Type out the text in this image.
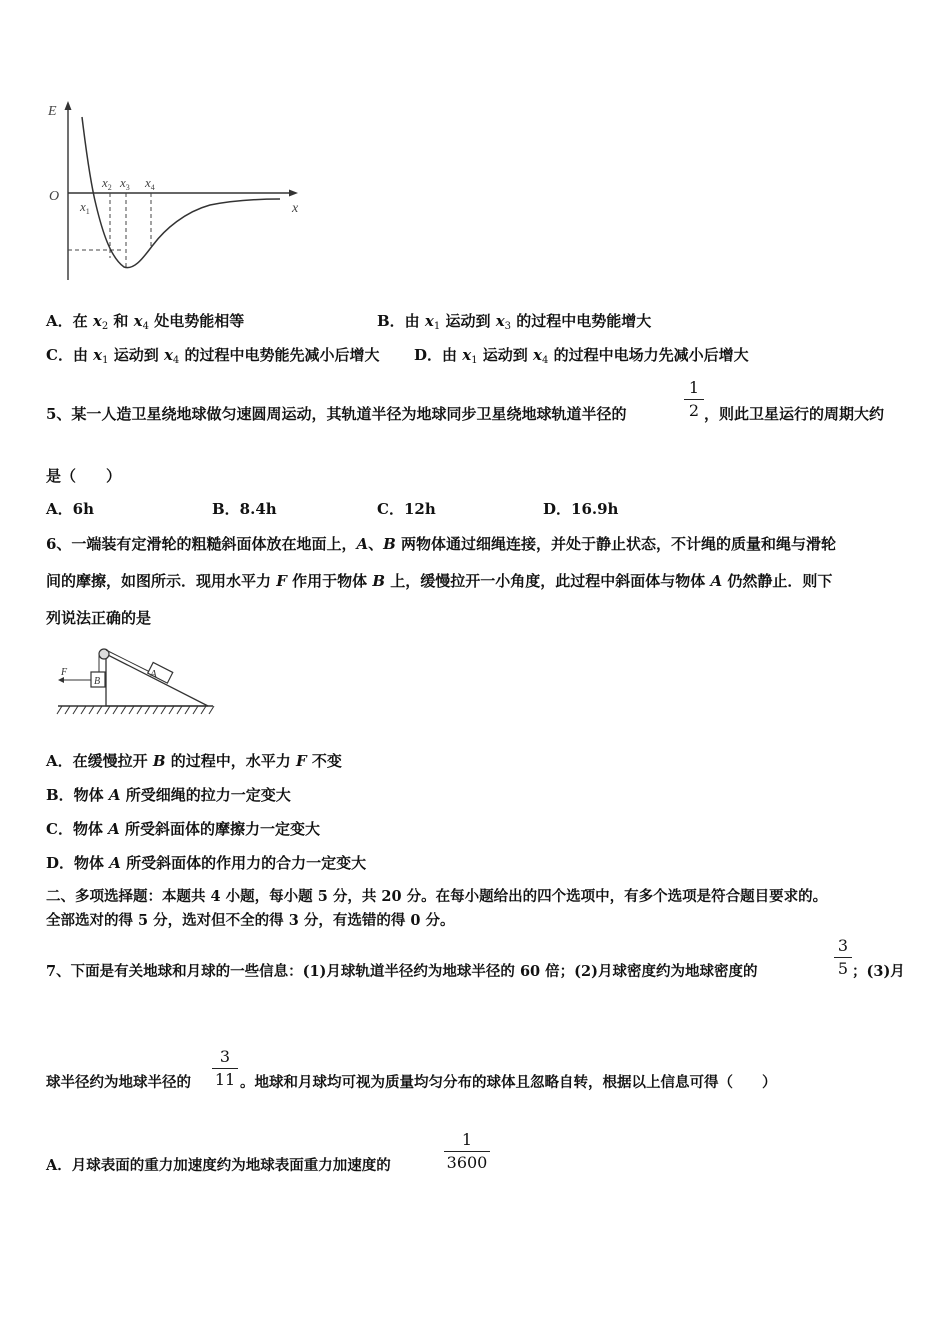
E
O
x
$x_1$
$x_2$ $x_3$ $x_4$
A．在 $x_2$ 和 $x_4$ 处电势能相等	B．由 $x_1$ 运动到 $x_3$ 的过程中电势能增大
C．由 $x_1$ 运动到 $x_4$ 的过程中电势能先减小后增大 D．由 $x_1$ 运动到 $x_4$ 的过程中电场力先减小后增大
5、某一人造卫星绕地球做匀速圆周运动，其轨道半径为地球同步卫星绕地球轨道半径的
1
2 ，则此卫星运行的周期大约
是（　　）
A．6h	B．8.4h	C．12h	D．16.9h
6、一端装有定滑轮的粗糙斜面体放在地面上，A、B 两物体通过细绳连接，并处于静止状态，不计绳的质量和绳与滑轮
间的摩擦，如图所示．现用水平力 F 作用于物体 B 上，缓慢拉开一小角度，此过程中斜面体与物体 A 仍然静止．则下
列说法正确的是
A
B
F
A．在缓慢拉开 B 的过程中，水平力 F 不变
B．物体 A 所受细绳的拉力一定变大
C．物体 A 所受斜面体的摩擦力一定变大
D．物体 A 所受斜面体的作用力的合力一定变大
二、多项选择题：本题共 4 小题，每小题 5 分，共 20 分。在每小题给出的四个选项中，有多个选项是符合题目要求的。
全部选对的得 5 分，选对但不全的得 3 分，有选错的得 0 分。
7、下面是有关地球和月球的一些信息：(1)月球轨道半径约为地球半径的 60 倍；(2)月球密度约为地球密度的
3
5 ；(3)月
球半径约为地球半径的
3
11 。地球和月球均可视为质量均匀分布的球体且忽略自转，根据以上信息可得（　　）
A．月球表面的重力加速度约为地球表面重力加速度的
1
3600
